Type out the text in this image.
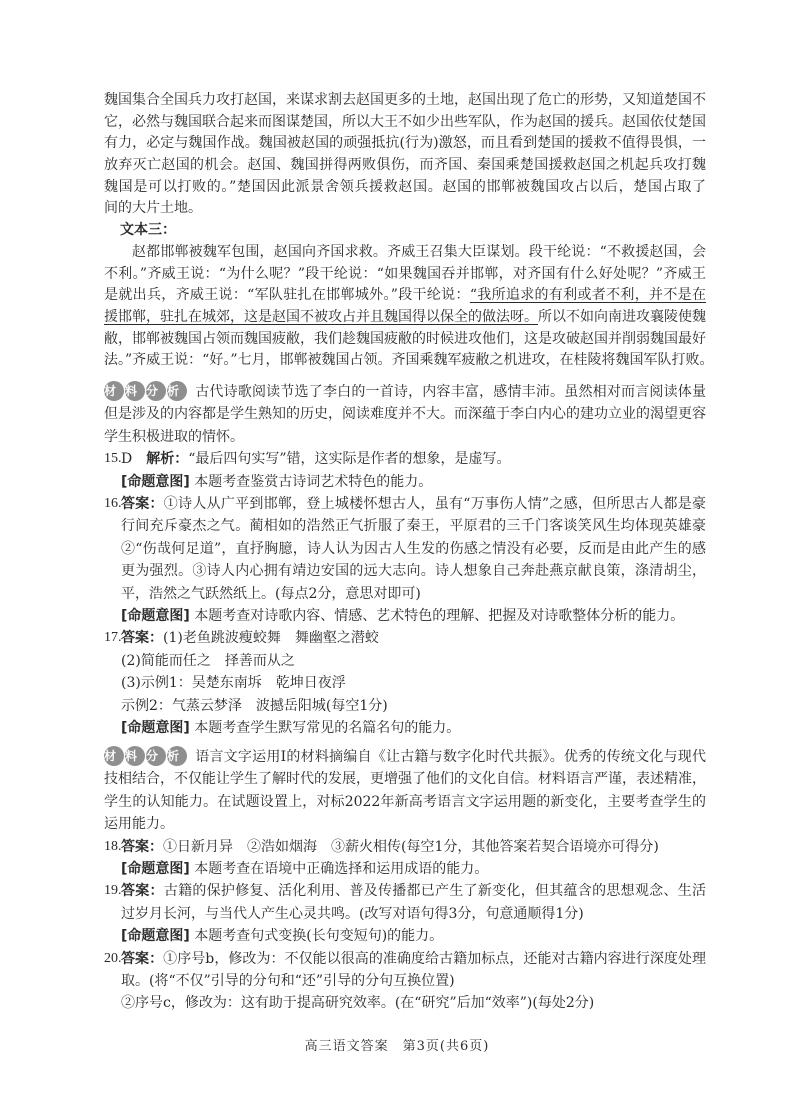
魏国集合全国兵力攻打赵国，来谋求割去赵国更多的土地，赵国出现了危亡的形势，又知道楚国不
它，必然与魏国联合起来而图谋楚国，所以大王不如少出些军队，作为赵国的援兵。赵国依仗楚国
有力，必定与魏国作战。魏国被赵国的顽强抵抗(行为)激怒，而且看到楚国的援救不值得畏惧，一
放弃灭亡赵国的机会。赵国、魏国拼得两败俱伤，而齐国、秦国乘楚国援救赵国之机起兵攻打魏
魏国是可以打败的。”楚国因此派景舍领兵援救赵国。赵国的邯郸被魏国攻占以后，楚国占取了
间的大片土地。
文本三：
赵都邯郸被魏军包围，赵国向齐国求救。齐威王召集大臣谋划。段干纶说：“不救援赵国，会
不利。”齐威王说：“为什么呢？”段干纶说：“如果魏国吞并邯郸，对齐国有什么好处呢？”齐威王
是就出兵，齐威王说：“军队驻扎在邯郸城外。”段干纶说：“我所追求的有利或者不利，并不是在
援邯郸，驻扎在城郊，这是赵国不被攻占并且魏国得以保全的做法呀。所以不如向南进攻襄陵使魏
敝，邯郸被魏国占领而魏国疲敝，我们趁魏国疲敝的时候进攻他们，这是攻破赵国并削弱魏国最好
法。”齐威王说：“好。”七月，邯郸被魏国占领。齐国乘魏军疲敝之机进攻，在桂陵将魏国军队打败。
材 料 分 析	古代诗歌阅读节选了李白的一首诗，内容丰富，感情丰沛。虽然相对而言阅读体量
但是涉及的内容都是学生熟知的历史，阅读难度并不大。而深蕴于李白内心的建功立业的渴望更容
学生积极进取的情怀。
15. D　解析：“最后四句实写”错，这实际是作者的想象，是虚写。
[命题意图] 本题考查鉴赏古诗词艺术特色的能力。
16. 答案：①诗人从广平到邯郸，登上城楼怀想古人，虽有“万事伤人情”之感，但所思古人都是豪
行间充斥豪杰之气。蔺相如的浩然正气折服了秦王，平原君的三千门客谈笑风生均体现英雄豪
②“伤哉何足道”，直抒胸臆，诗人认为因古人生发的伤感之情没有必要，反而是由此产生的感
更为强烈。③诗人内心拥有靖边安国的远大志向。诗人想象自己奔赴燕京献良策，涤清胡尘，
平，浩然之气跃然纸上。(每点2分，意思对即可)
[命题意图] 本题考查对诗歌内容、情感、艺术特色的理解、把握及对诗歌整体分析的能力。
17. 答案：(1)老鱼跳波瘦蛟舞　舞幽壑之潜蛟
(2)简能而任之　择善而从之
(3)示例1：吴楚东南坼　乾坤日夜浮
示例2：气蒸云梦泽　波撼岳阳城(每空1分)
[命题意图] 本题考查学生默写常见的名篇名句的能力。
材 料 分 析	语言文字运用Ⅰ的材料摘编自《让古籍与数字化时代共振》。优秀的传统文化与现代
技相结合，不仅能让学生了解时代的发展，更增强了他们的文化自信。材料语言严谨，表述精准，
学生的认知能力。在试题设置上，对标2022年新高考语言文字运用题的新变化，主要考查学生的
运用能力。
18. 答案：①日新月异　②浩如烟海　③薪火相传(每空1分，其他答案若契合语境亦可得分)
[命题意图] 本题考查在语境中正确选择和运用成语的能力。
19. 答案：古籍的保护修复、活化利用、普及传播都已产生了新变化，但其蕴含的思想观念、生活
过岁月长河，与当代人产生心灵共鸣。(改写对语句得3分，句意通顺得1分)
[命题意图] 本题考查句式变换(长句变短句)的能力。
20. 答案：①序号b，修改为：不仅能以很高的准确度给古籍加标点，还能对古籍内容进行深度处理
取。(将“不仅”引导的分句和“还”引导的分句互换位置)
②序号c，修改为：这有助于提高研究效率。(在“研究”后加“效率”)(每处2分)
高三语文答案　第3页(共6页)
